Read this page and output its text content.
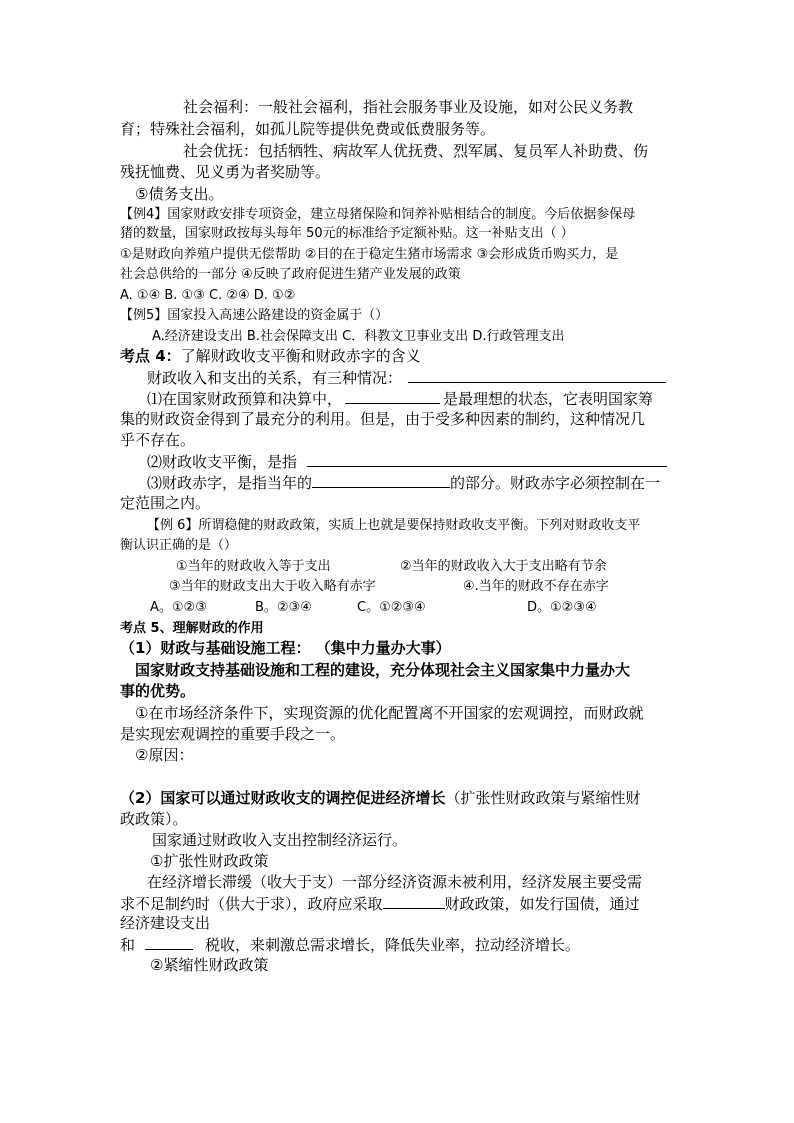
社会福利：一般社会福利，指社会服务事业及设施，如对公民义务教
育；特殊社会福利，如孤儿院等提供免费或低费服务等。
社会优抚：包括牺牲、病故军人优抚费、烈军属、复员军人补助费、伤
残抚恤费、见义勇为者奖励等。
⑤债务支出。
【例4】国家财政安排专项资金，建立母猪保险和饲养补贴相结合的制度。今后依据参保母
猪的数量，国家财政按每头每年 50元的标准给予定额补贴。这一补贴支出（ ）
①是财政向养殖户提供无偿帮助 ②目的在于稳定生猪市场需求 ③会形成货币购买力，是
社会总供给的一部分 ④反映了政府促进生猪产业发展的政策
A. ①④ B. ①③ C. ②④ D. ①②
【例5】国家投入高速公路建设的资金属于（）
A.经济建设支出 B.社会保障支出 C．科教文卫事业支出 D.行政管理支出
考点 4：了解财政收支平衡和财政赤字的含义
财政收入和支出的关系，有三种情况：
⑴在国家财政预算和决算中，	是最理想的状态，它表明国家筹
集的财政资金得到了最充分的利用。但是，由于受多种因素的制约，这种情况几
乎不存在。
⑵财政收支平衡，是指
⑶财政赤字，是指当年的	的部分。财政赤字必须控制在一
定范围之内。
【例 6】所谓稳健的财政政策，实质上也就是要保持财政收支平衡。下列对财政收支平
衡认识正确的是（）
①当年的财政收入等于支出	②当年的财政收入大于支出略有节余
③当年的财政支出大于收入略有赤字	④.当年的财政不存在赤字
A。①②③	B。②③④	C。①②③④	D。①②③④
考点 5、理解财政的作用
（1）财政与基础设施工程： （集中力量办大事）
国家财政支持基础设施和工程的建设，充分体现社会主义国家集中力量办大
事的优势。
①在市场经济条件下，实现资源的优化配置离不开国家的宏观调控，而财政就
是实现宏观调控的重要手段之一。
②原因：
（2）国家可以通过财政收支的调控促进经济增长（扩张性财政政策与紧缩性财
政政策）。
国家通过财政收入支出控制经济运行。
①扩张性财政政策
在经济增长滞缓（收大于支）一部分经济资源未被利用，经济发展主要受需
求不足制约时（供大于求），政府应采取	财政政策，如发行国债，通过
经济建设支出
和	税收，来刺激总需求增长，降低失业率，拉动经济增长。
②紧缩性财政政策
